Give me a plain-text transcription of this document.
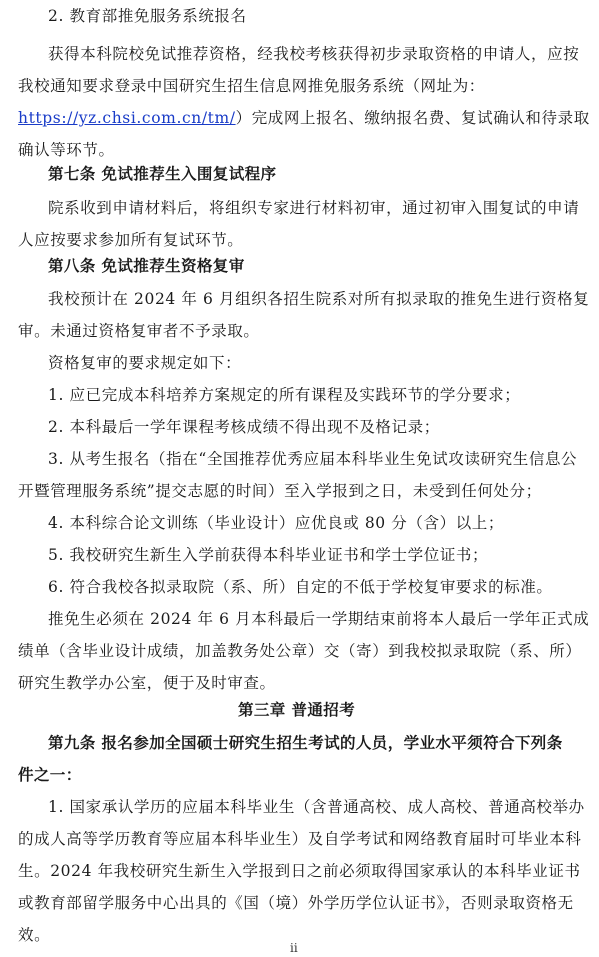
2. 教育部推免服务系统报名
获得本科院校免试推荐资格，经我校考核获得初步录取资格的申请人，应按
我校通知要求登录中国研究生招生信息网推免服务系统（网址为：
https://yz.chsi.com.cn/tm/）完成网上报名、缴纳报名费、复试确认和待录取
确认等环节。
第七条 免试推荐生入围复试程序
院系收到申请材料后，将组织专家进行材料初审，通过初审入围复试的申请
人应按要求参加所有复试环节。
第八条 免试推荐生资格复审
我校预计在 2024 年 6 月组织各招生院系对所有拟录取的推免生进行资格复
审。未通过资格复审者不予录取。
资格复审的要求规定如下：
1. 应已完成本科培养方案规定的所有课程及实践环节的学分要求；
2. 本科最后一学年课程考核成绩不得出现不及格记录；
3. 从考生报名（指在“全国推荐优秀应届本科毕业生免试攻读研究生信息公
开暨管理服务系统”提交志愿的时间）至入学报到之日，未受到任何处分；
4. 本科综合论文训练（毕业设计）应优良或 80 分（含）以上；
5. 我校研究生新生入学前获得本科毕业证书和学士学位证书；
6. 符合我校各拟录取院（系、所）自定的不低于学校复审要求的标准。
推免生必须在 2024 年 6 月本科最后一学期结束前将本人最后一学年正式成
绩单（含毕业设计成绩，加盖教务处公章）交（寄）到我校拟录取院（系、所）
研究生教学办公室，便于及时审查。
第三章 普通招考
第九条 报名参加全国硕士研究生招生考试的人员，学业水平须符合下列条
件之一：
1. 国家承认学历的应届本科毕业生（含普通高校、成人高校、普通高校举办
的成人高等学历教育等应届本科毕业生）及自学考试和网络教育届时可毕业本科
生。2024 年我校研究生新生入学报到日之前必须取得国家承认的本科毕业证书
或教育部留学服务中心出具的《国（境）外学历学位认证书》，否则录取资格无
效。
ii
